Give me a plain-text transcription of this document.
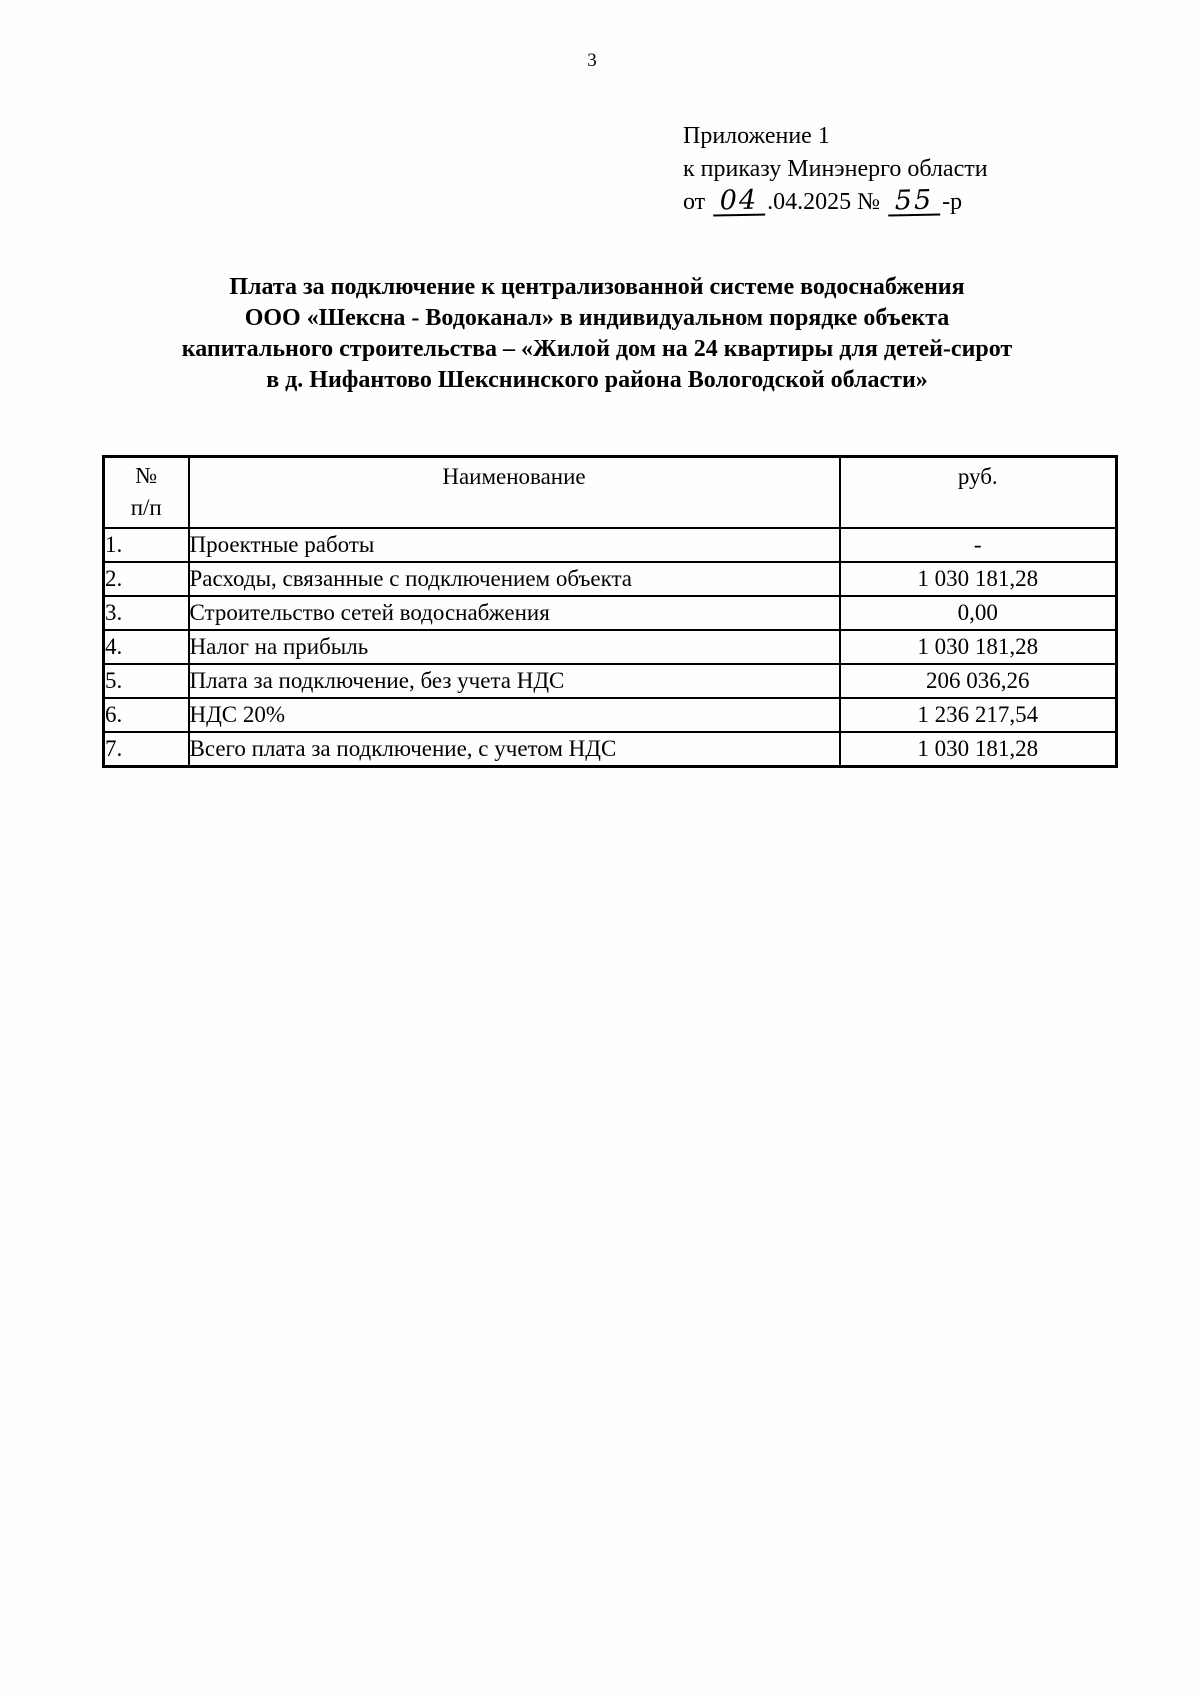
3
Приложение 1
к приказу Минэнерго области
от 04 .04.2025 № 55 -р
Плата за подключение к централизованной системе водоснабжения
ООО «Шексна - Водоканал» в индивидуальном порядке объекта
капитального строительства – «Жилой дом на 24 квартиры для детей-сирот
в д. Нифантово Шекснинского района Вологодской области»
№
п/п	Наименование	руб.
1.	Проектные работы	-
2.	Расходы, связанные с подключением объекта	1 030 181,28
3.	Строительство сетей водоснабжения	0,00
4.	Налог на прибыль	1 030 181,28
5.	Плата за подключение, без учета НДС	206 036,26
6.	НДС 20%	1 236 217,54
7.	Всего плата за подключение, с учетом НДС	1 030 181,28
